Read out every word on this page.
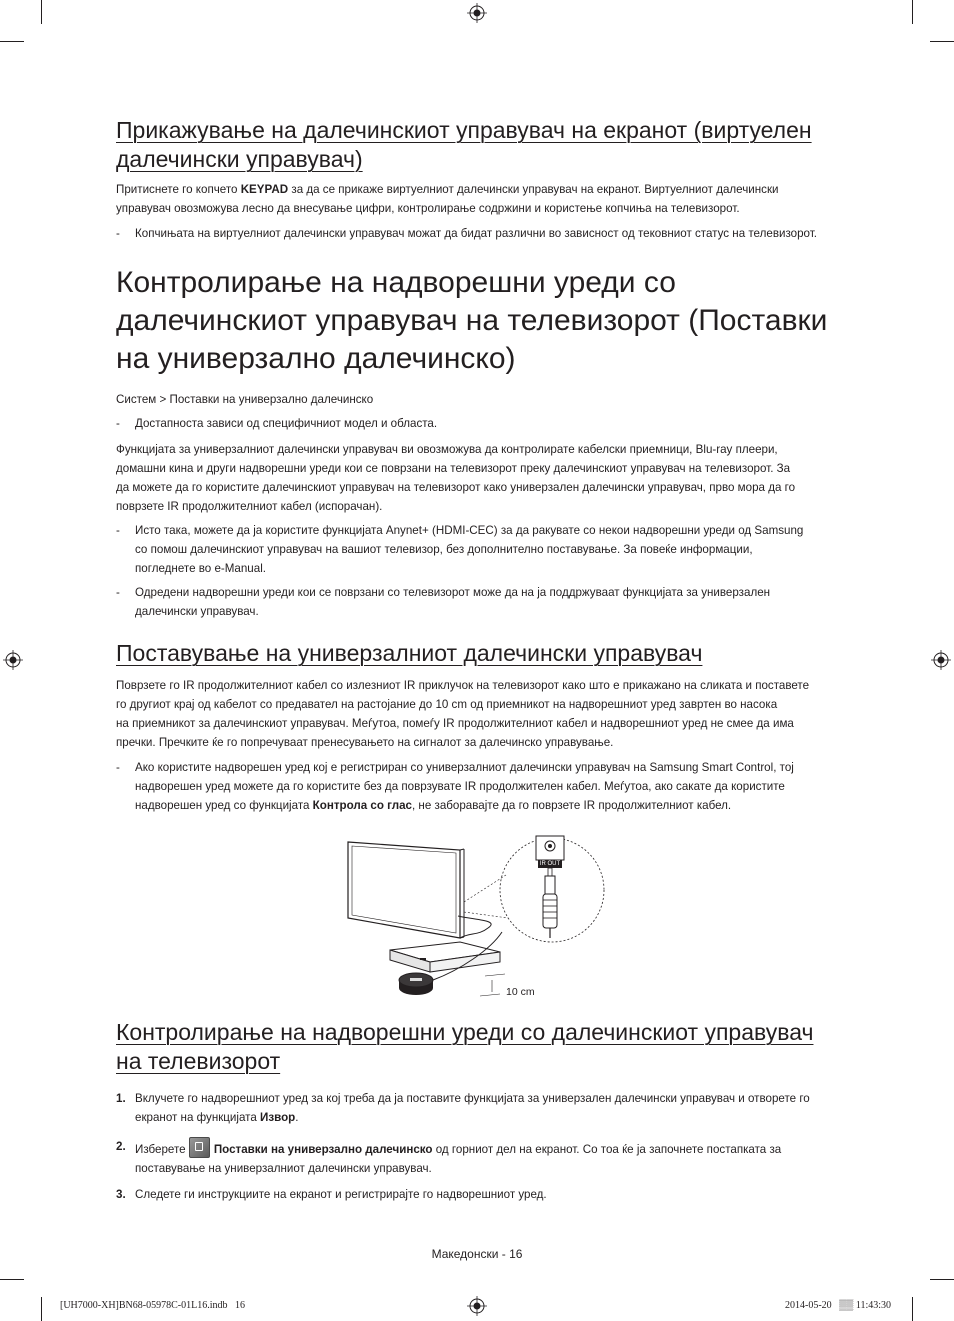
Прикажување на далечинскиот управувач на екранот (виртуелен
далечински управувач)
Притиснете го копчето KEYPAD за да се прикаже виртуелниот далечински управувач на екранот. Виртуелниот далечински
управувач овозможува лесно да внесување цифри, контролирање содржини и користење копчиња на телевизорот.
- Копчињата на виртуелниот далечински управувач можат да бидат различни во зависност од тековниот статус на телевизорот.
Контролирање на надворешни уреди со
далечинскиот управувач на телевизорот (Поставки
на универзално далечинско)
Систем > Поставки на универзално далечинско
- Достапноста зависи од специфичниот модел и областа.
Функцијата за универзалниот далечински управувач ви овозможува да контролирате кабелски приемници, Blu-ray плеери,
домашни кина и други надворешни уреди кои се поврзани на телевизорот преку далечинскиот управувач на телевизорот. За
да можете да го користите далечинскиот управувач на телевизорот како универзален далечински управувач, прво мора да го
поврзете IR продолжителниот кабел (испорачан).
- Исто така, можете да ја користите функцијата Anynet+ (HDMI-CEC) за да ракувате со некои надворешни уреди од Samsung
со помош далечинскиот управувач на вашиот телевизор, без дополнително поставување. За повеќе информации,
погледнете во e-Manual.
- Одредени надворешни уреди кои се поврзани со телевизорот може да на ја поддржуваат функцијата за универзален
далечински управувач.
Поставување на универзалниот далечински управувач
Поврзете го IR продолжителниот кабел со излезниот IR приклучок на телевизорот како што е прикажано на сликата и поставете
го другиот крај од кабелот со предавател на растојание до 10 cm од приемникот на надворешниот уред завртен во насока
на приемникот за далечинскиот управувач. Меѓутоа, помеѓу IR продолжителниот кабел и надворешниот уред не смее да има
пречки. Пречките ќе го попречуваат пренесувањето на сигналот за далечинско управување.
- Ако користите надворешен уред кој е регистриран со универзалниот далечински управувач на Samsung Smart Control, тој
надворешен уред можете да го користите без да поврзувате IR продолжителен кабел. Меѓутоа, ако сакате да користите
надворешен уред со функцијата Контрола со глас, не заборавајте да го поврзете IR продолжителниот кабел.
IR OUT
10 cm
Контролирање на надворешни уреди со далечинскиот управувач
на телевизорот
1. Вклучете го надворешниот уред за кој треба да ја поставите функцијата за универзален далечински управувач и отворете го
екранот на функцијата Извор.
2. Изберете
Поставки на универзално далечинско од горниот дел на екранот. Со тоа ќе ја започнете постапката за
поставување на универзалниот далечински управувач.
3. Следете ги инструкциите на екранот и регистрирајте го надворешниот уред.
Македонски - 16
[UH7000-XH]BN68-05978C-01L16.indb   16	2014-05-20   ▒▒ 11:43:30
